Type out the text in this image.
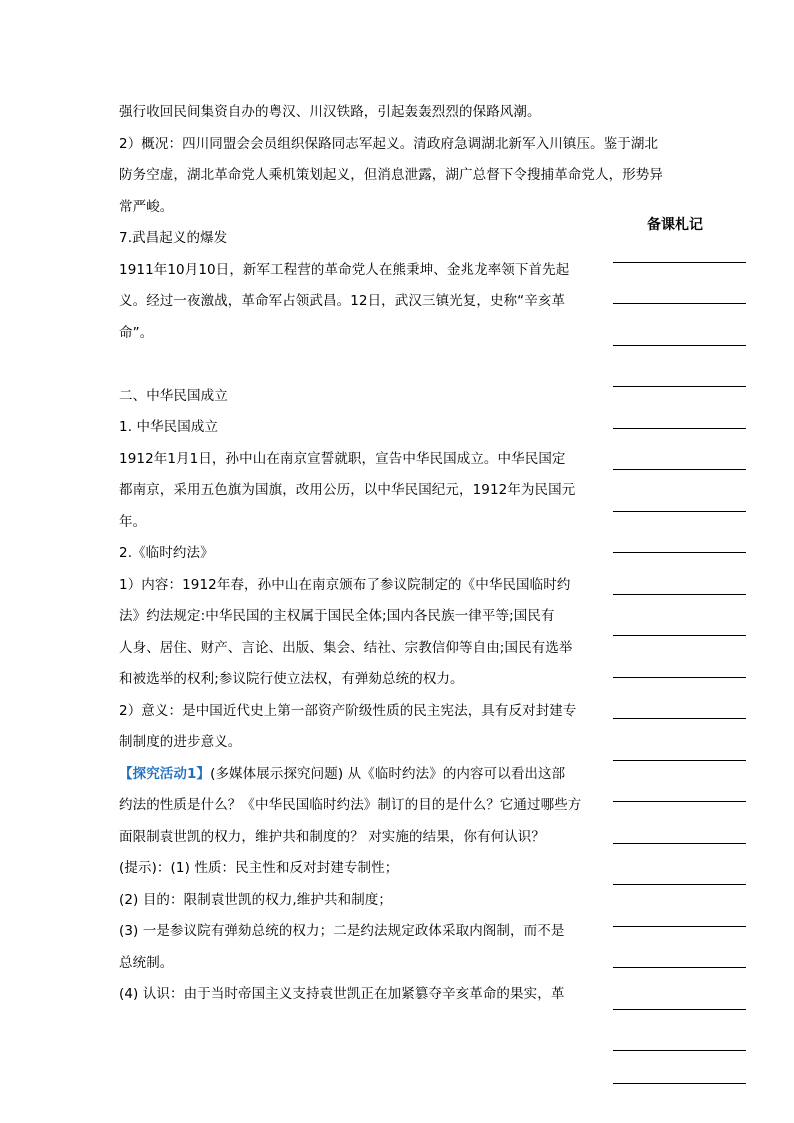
强行收回民间集资自办的粤汉、川汉铁路，引起轰轰烈烈的保路风潮。
2）概况：四川同盟会会员组织保路同志军起义。清政府急调湖北新军入川镇压。鉴于湖北
防务空虚，湖北革命党人乘机策划起义，但消息泄露，湖广总督下令搜捕革命党人，形势异
常严峻。
7.武昌起义的爆发
1911年10月10日，新军工程营的革命党人在熊秉坤、金兆龙率领下首先起
义。经过一夜激战，革命军占领武昌。12日，武汉三镇光复，史称“辛亥革
命”。
二、中华民国成立
1. 中华民国成立
1912年1月1日，孙中山在南京宣誓就职，宣告中华民国成立。中华民国定
都南京，采用五色旗为国旗，改用公历，以中华民国纪元，1912年为民国元
年。
2.《临时约法》
1）内容：1912年春，孙中山在南京颁布了参议院制定的《中华民国临时约
法》约法规定:中华民国的主权属于国民全体;国内各民族一律平等;国民有
人身、居住、财产、言论、出版、集会、结社、宗教信仰等自由;国民有选举
和被选举的权利;参议院行使立法权，有弹劾总统的权力。
2）意义：是中国近代史上第一部资产阶级性质的民主宪法，具有反对封建专
制制度的进步意义。
【探究活动1】(多媒体展示探究问题) 从《临时约法》的内容可以看出这部
约法的性质是什么？《中华民国临时约法》制订的目的是什么？它通过哪些方
面限制袁世凯的权力，维护共和制度的？ 对实施的结果，你有何认识？
(提示)：(1) 性质：民主性和反对封建专制性；
(2) 目的：限制袁世凯的权力,维护共和制度；
(3) 一是参议院有弹劾总统的权力；二是约法规定政体采取内阁制，而不是
总统制。
(4) 认识：由于当时帝国主义支持袁世凯正在加紧篡夺辛亥革命的果实，革
备课札记
